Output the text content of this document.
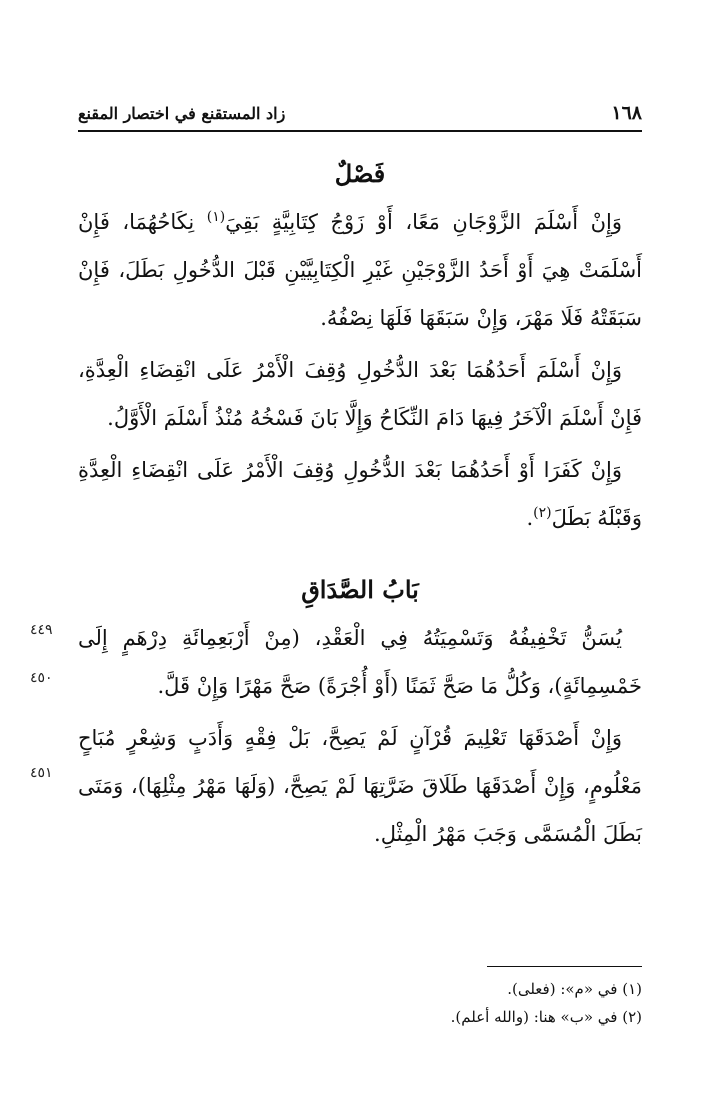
١٦٨
زاد المستقنع في اختصار المقنع
فَصْلٌ

وَإِنْ أَسْلَمَ الزَّوْجَانِ مَعًا، أَوْ زَوْجُ كِتَابِيَّةٍ بَقِيَ$^{(١)}$ نِكَاحُهُمَا، فَإِنْ أَسْلَمَتْ هِيَ أَوْ أَحَدُ الزَّوْجَيْنِ غَيْرِ الْكِتَابِيَّيْنِ قَبْلَ الدُّخُولِ بَطَلَ، فَإِنْ سَبَقَتْهُ فَلَا مَهْرَ، وَإِنْ سَبَقَهَا فَلَهَا نِصْفُهُ.

وَإِنْ أَسْلَمَ أَحَدُهُمَا بَعْدَ الدُّخُولِ وُقِفَ الْأَمْرُ عَلَى انْقِضَاءِ الْعِدَّةِ، فَإِنْ أَسْلَمَ الْآخَرُ فِيهَا دَامَ النِّكَاحُ وَإِلَّا بَانَ فَسْخُهُ مُنْذُ أَسْلَمَ الْأَوَّلُ.

وَإِنْ كَفَرَا أَوْ أَحَدُهُمَا بَعْدَ الدُّخُولِ وُقِفَ الْأَمْرُ عَلَى انْقِضَاءِ الْعِدَّةِ وَقَبْلَهُ بَطَلَ$^{(٢)}$.

بَابُ الصَّدَاقِ

يُسَنُّ تَخْفِيفُهُ وَتَسْمِيَتُهُ فِي الْعَقْدِ، (مِنْ أَرْبَعِمِائَةِ دِرْهَمٍ إِلَى خَمْسِمِائَةٍ)، وَكُلُّ مَا صَحَّ ثَمَنًا (أَوْ أُجْرَةً) صَحَّ مَهْرًا وَإِنْ قَلَّ.

وَإِنْ أَصْدَقَهَا تَعْلِيمَ قُرْآنٍ لَمْ يَصِحَّ، بَلْ فِقْهٍ وَأَدَبٍ وَشِعْرٍ مُبَاحٍ مَعْلُومٍ، وَإِنْ أَصْدَقَهَا طَلَاقَ ضَرَّتِهَا لَمْ يَصِحَّ، (وَلَهَا مَهْرُ مِثْلِهَا)، وَمَتَى بَطَلَ الْمُسَمَّى وَجَبَ مَهْرُ الْمِثْلِ.

٤٤٩
٤٥٠
٤٥١

(١) في «م»: (فعلى).

(٢) في «ب» هنا: (والله أعلم).
